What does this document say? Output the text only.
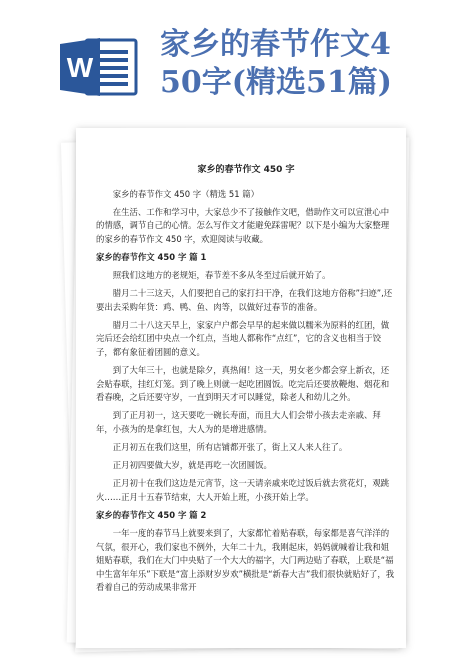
W
家乡的春节作文4
50字(精选51篇)
家乡的春节作文 450 字

家乡的春节作文 450 字（精选 51 篇）

在生活、工作和学习中，大家总少不了接触作文吧，借助作文可以宣泄心中的情感，调节自己的心情。怎么写作文才能避免踩雷呢？以下是小编为大家整理的家乡的春节作文 450 字，欢迎阅读与收藏。

家乡的春节作文 450 字 篇 1

照我们这地方的老规矩，春节差不多从冬至过后就开始了。

腊月二十三这天，人们要把自己的家打扫干净，在我们这地方俗称”扫迹”,还要出去采购年货：鸡、鸭、鱼、肉等，以做好过春节的准备。

腊月二十八这天早上，家家户户都会早早的起来做以糯米为原料的红团，做完后还会给红团中央点一个红点，当地人都称作“点红”，它的含义也相当于饺子，都有象征着团圆的意义。

到了大年三十，也就是除夕，真热闹！这一天，男女老少都会穿上新衣，还会贴春联，挂红灯笼。到了晚上则就一起吃团圆饭。吃完后还要放鞭炮、烟花和看春晚，之后还要守岁，一直到明天才可以睡觉，除老人和幼儿之外。

到了正月初一，这天要吃一碗长寿面，而且大人们会带小孩去走亲戚、拜年，小孩为的是拿红包，大人为的是增进感情。

正月初五在我们这里，所有店铺都开张了，街上又人来人往了。

正月初四要做大岁，就是再吃一次团圆饭。

正月初十在我们这边是元宵节，这一天请亲戚来吃过饭后就去赏花灯，观跳火……正月十五春节结束，大人开始上班，小孩开始上学。

家乡的春节作文 450 字 篇 2

一年一度的春节马上就要来到了，大家都忙着贴春联，每家都是喜气洋洋的气氛，很开心，我们家也不例外，大年二十九，我刚起床，妈妈就喊着让我和姐姐贴春联，我们在大门中央贴了一个大大的福字，大门两边贴了春联，上联是“福中生富年年乐”下联是“富上添财岁岁欢”横批是“新春大吉”我们很快就贴好了，我看着自己的劳动成果非常开
